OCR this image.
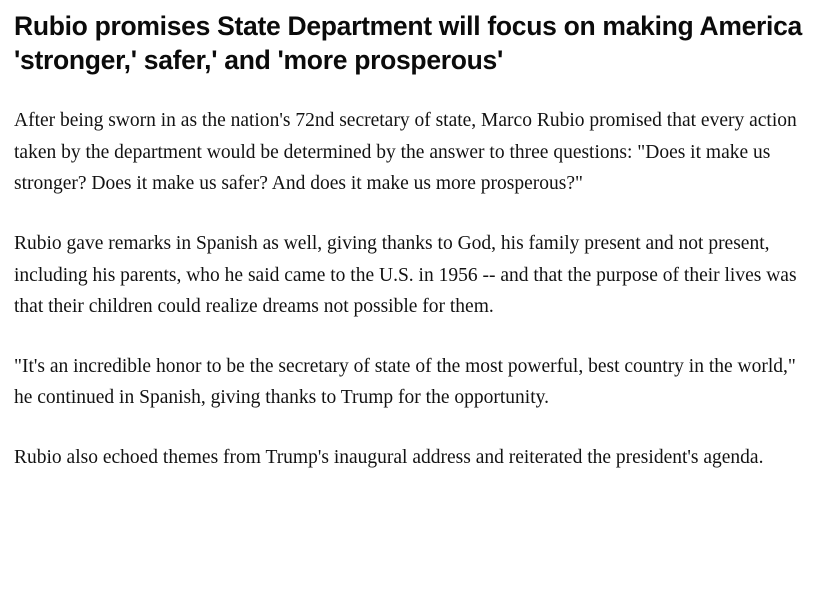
Rubio promises State Department will focus on making America 'stronger,' safer,' and 'more prosperous'

After being sworn in as the nation's 72nd secretary of state, Marco Rubio promised that every action taken by the department would be determined by the answer to three questions: "Does it make us stronger? Does it make us safer? And does it make us more prosperous?"

Rubio gave remarks in Spanish as well, giving thanks to God, his family present and not present, including his parents, who he said came to the U.S. in 1956 -- and that the purpose of their lives was that their children could realize dreams not possible for them.

"It's an incredible honor to be the secretary of state of the most powerful, best country in the world," he continued in Spanish, giving thanks to Trump for the opportunity.

Rubio also echoed themes from Trump's inaugural address and reiterated the president's agenda.
